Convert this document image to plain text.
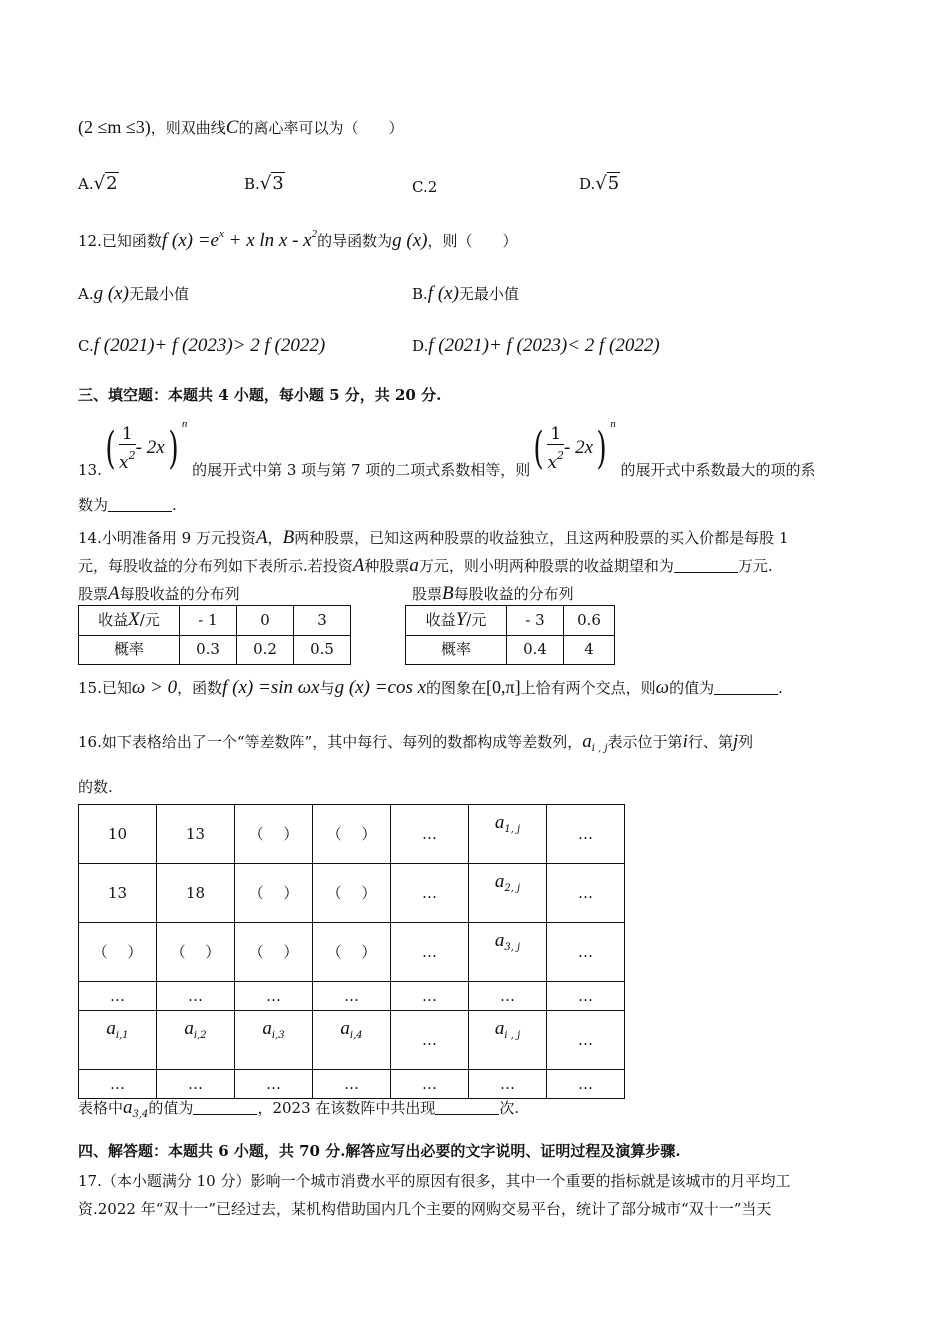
(2 ≤m ≤3)，则双曲线C的离心率可以为（　　）
A.√2	B.√3	C.2	D.√5
12.已知函数f $(x) =e^x + x$ ln x - $x^2$的导函数为g (x)，则（　　）
A.g (x)无最小值	B.f (x)无最小值
C.f (2021)+ f (2023)> 2 f (2022)	D.f (2021)+ f (2023)< 2 f (2022)
三、填空题：本题共 4 小题，每小题 5 分，共 20 分.
$13.( \frac{1}{x^2} - 2x)$ $^n$ 的展开式中第 3 项与第 7 项的二项式系数相等，则( $\frac{1}{x^2} - 2x$) $^n$ 的展开式中系数最大的项的系
数为	.
14.小明准备用 9 万元投资A，B两种股票，已知这两种股票的收益独立，且这两种股票的买入价都是每股 1
元，每股收益的分布列如下表所示.若投资A种股票a万元，则小明两种股票的收益期望和为	万元.
股票A每股收益的分布列	股票B每股收益的分布列
收益X/元	- 1	0	3
概率	0.3	0.2	0.5
收益Y/元	- 3	0.6
概率	0.4	4
15.已知ω > 0，函数f (x) =sin ωx与g (x) =cos x的图象在[0,π]上恰有两个交点，则ω的值为	.
16.如下表格给出了一个“等差数阵”，其中每行、每列的数都构成等差数列，$a_{i , j}$表示位于第i行、第j列
的数.
10	13	（　 ）	（　 ）	…	$a_{1, j}$	…
13	18	（　 ）	（　 ）	…	$a_{2, j}$	…
（　 ）	（　 ）	（　 ）	（　 ）	…	$a_{3, j}$	…
…	…	…	…	…	…	…
$a_{i,1}$	$a_{i,2}$	$a_{i,3}$	$a_{i,4}$	…	$a_{i , j}$	…
…	…	…	…	…	…	…
表格中$a_{3,4}$的值为	，2023 在该数阵中共出现	次.
四、解答题：本题共 6 小题，共 70 分.解答应写出必要的文字说明、证明过程及演算步骤.
17.（本小题满分 10 分）影响一个城市消费水平的原因有很多，其中一个重要的指标就是该城市的月平均工
资.2022 年“双十一”已经过去，某机构借助国内几个主要的网购交易平台，统计了部分城市“双十一”当天
